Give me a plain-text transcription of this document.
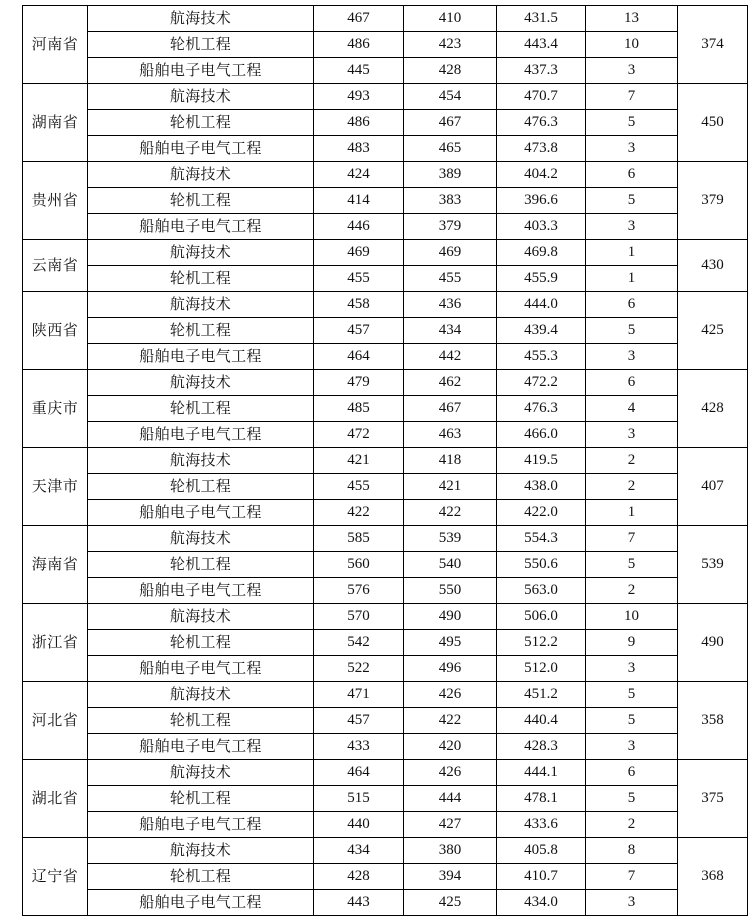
河南省	航海技术	467	410	431.5	13	374
	轮机工程	486	423	443.4	10	
	船舶电子电气工程	445	428	437.3	3	
湖南省	航海技术	493	454	470.7	7	450
	轮机工程	486	467	476.3	5	
	船舶电子电气工程	483	465	473.8	3	
贵州省	航海技术	424	389	404.2	6	379
	轮机工程	414	383	396.6	5	
	船舶电子电气工程	446	379	403.3	3	
云南省	航海技术	469	469	469.8	1	430
	轮机工程	455	455	455.9	1	
陕西省	航海技术	458	436	444.0	6	425
	轮机工程	457	434	439.4	5	
	船舶电子电气工程	464	442	455.3	3	
重庆市	航海技术	479	462	472.2	6	428
	轮机工程	485	467	476.3	4	
	船舶电子电气工程	472	463	466.0	3	
天津市	航海技术	421	418	419.5	2	407
	轮机工程	455	421	438.0	2	
	船舶电子电气工程	422	422	422.0	1	
海南省	航海技术	585	539	554.3	7	539
	轮机工程	560	540	550.6	5	
	船舶电子电气工程	576	550	563.0	2	
浙江省	航海技术	570	490	506.0	10	490
	轮机工程	542	495	512.2	9	
	船舶电子电气工程	522	496	512.0	3	
河北省	航海技术	471	426	451.2	5	358
	轮机工程	457	422	440.4	5	
	船舶电子电气工程	433	420	428.3	3	
湖北省	航海技术	464	426	444.1	6	375
	轮机工程	515	444	478.1	5	
	船舶电子电气工程	440	427	433.6	2	
辽宁省	航海技术	434	380	405.8	8	368
	轮机工程	428	394	410.7	7	
	船舶电子电气工程	443	425	434.0	3	
